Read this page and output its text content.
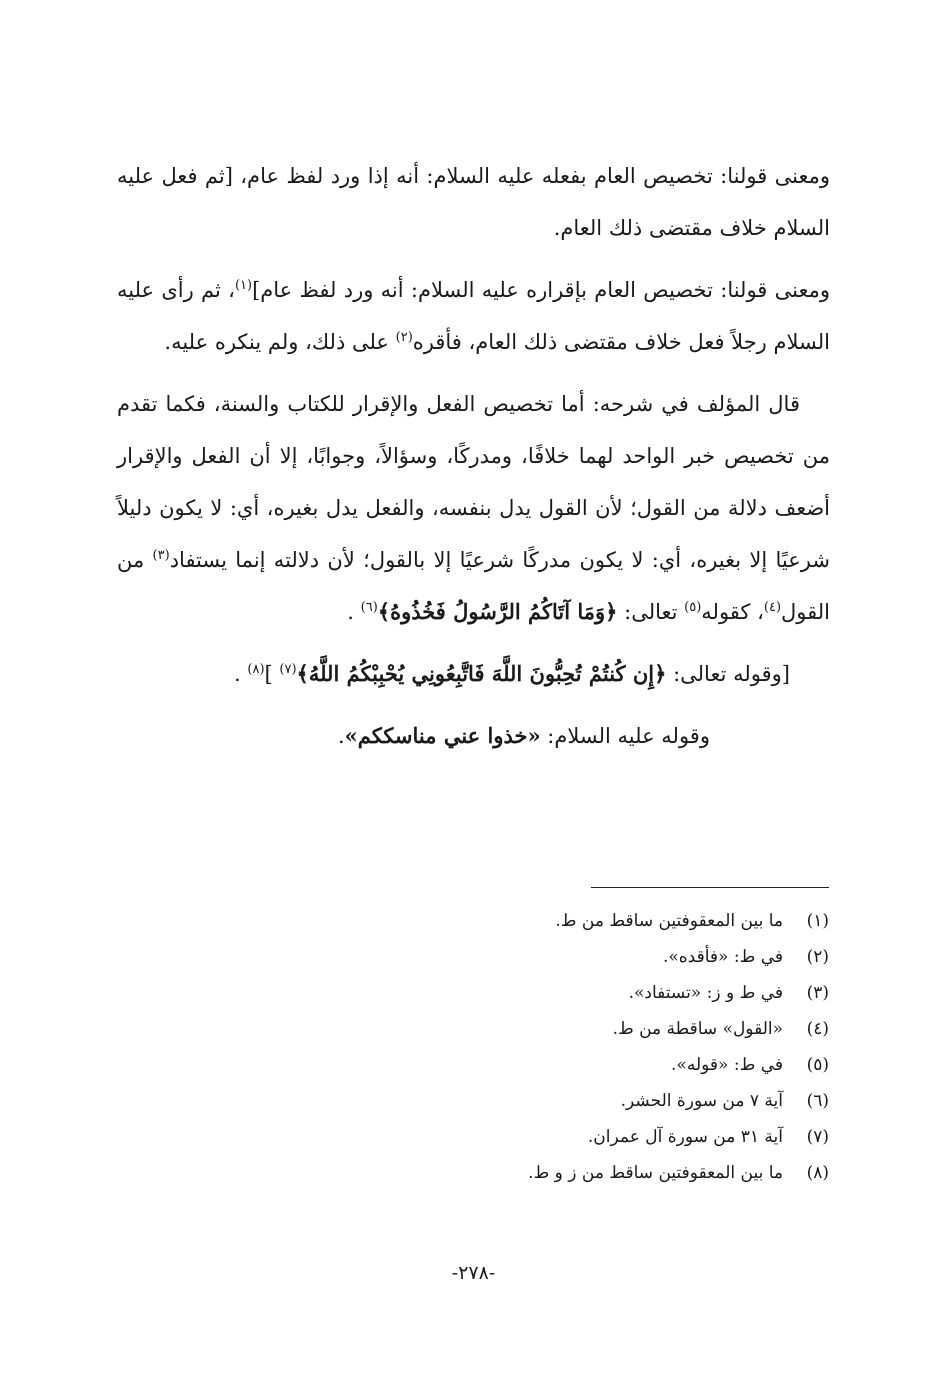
ومعنى قولنا: تخصيص العام بفعله عليه السلام: أنه إذا ورد لفظ عام، [ثم فعل عليه السلام خلاف مقتضى ذلك العام.

ومعنى قولنا: تخصيص العام بإقراره عليه السلام: أنه ورد لفظ عام]$^{(١)}$، ثم رأى عليه السلام رجلاً فعل خلاف مقتضى ذلك العام، فأقره$^{(٢)}$ على ذلك، ولم ينكره عليه.

قال المؤلف في شرحه: أما تخصيص الفعل والإقرار للكتاب والسنة، فكما تقدم من تخصيص خبر الواحد لهما خلافًا، ومدركًا، وسؤالاً، وجوابًا، إلا أن الفعل والإقرار أضعف دلالة من القول؛ لأن القول يدل بنفسه، والفعل يدل بغيره، أي: لا يكون دليلاً شرعيًا إلا بغيره، أي: لا يكون مدركًا شرعيًا إلا بالقول؛ لأن دلالته إنما يستفاد$^{(٣)}$ من القول$^{(٤)}$، كقوله$^{(٥)}$ تعالى: ﴿وَمَا آتَاكُمُ الرَّسُولُ فَخُذُوهُ﴾$^{(٦)}$ .

[وقوله تعالى: ﴿إِن كُنتُمْ تُحِبُّونَ اللَّهَ فَاتَّبِعُونِي يُحْبِبْكُمُ اللَّهُ﴾$^{(٧)}$ ]$^{(٨)}$ .

وقوله عليه السلام: «خذوا عني مناسككم».

(١)ما بين المعقوفتين ساقط من ط.
(٢)في ط: «فأقده».
(٣)في ط و ز: «تستفاد».
(٤)«القول» ساقطة من ط.
(٥)في ط: «قوله».
(٦)آية ٧ من سورة الحشر.
(٧)آية ٣١ من سورة آل عمران.
(٨)ما بين المعقوفتين ساقط من ز و ط.
-٢٧٨-
